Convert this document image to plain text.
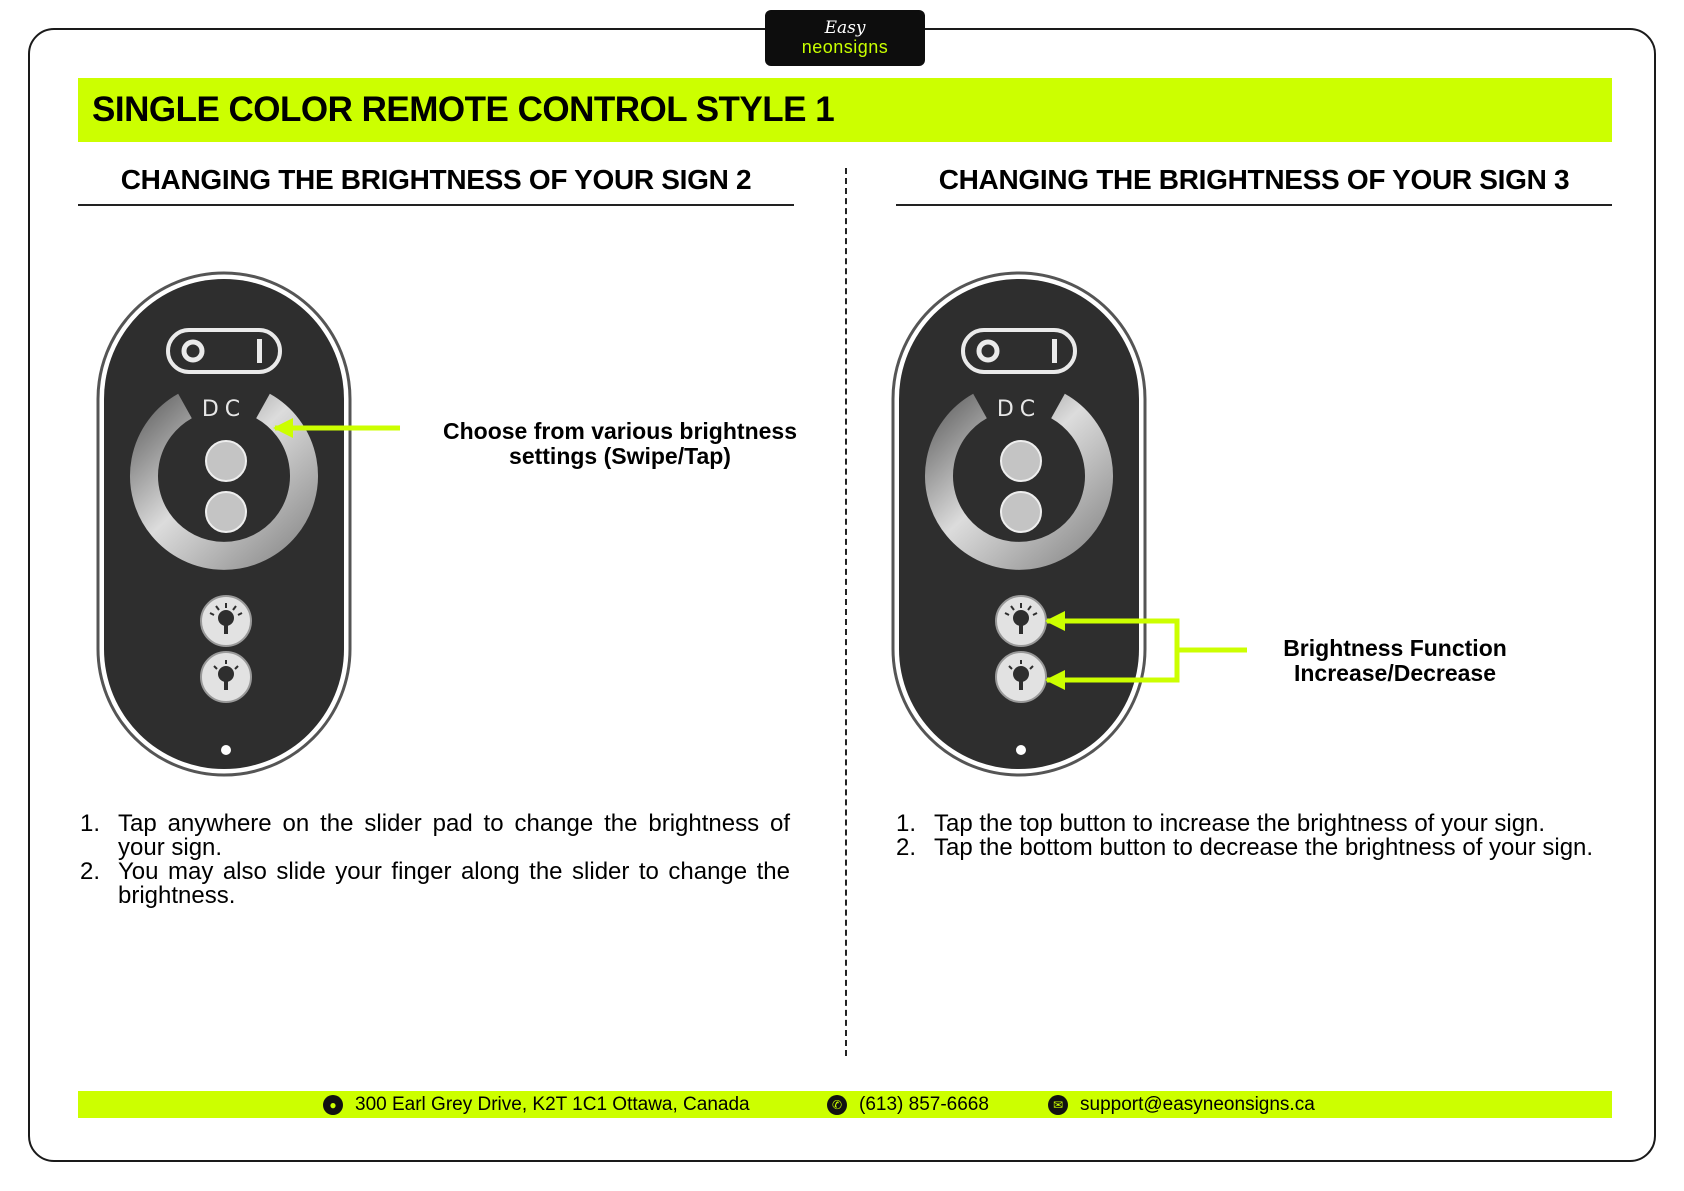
Easy
neonsigns
SINGLE COLOR REMOTE CONTROL STYLE 1
CHANGING THE BRIGHTNESS OF YOUR SIGN 2
DC
Choose from various brightness
settings (Swipe/Tap)
1. Tap anywhere on the slider pad to change the brightness of your sign.
2. You may also slide your finger along the slider to change the brightness.
CHANGING THE BRIGHTNESS OF YOUR SIGN 3
DC
Brightness Function
Increase/Decrease
1. Tap the top button to increase the brightness of your sign.
2. Tap the bottom button to decrease the brightness of your sign.
● 300 Earl Grey Drive, K2T 1C1 Ottawa, Canada	✆ (613) 857-6668	✉ support@easyneonsigns.ca
